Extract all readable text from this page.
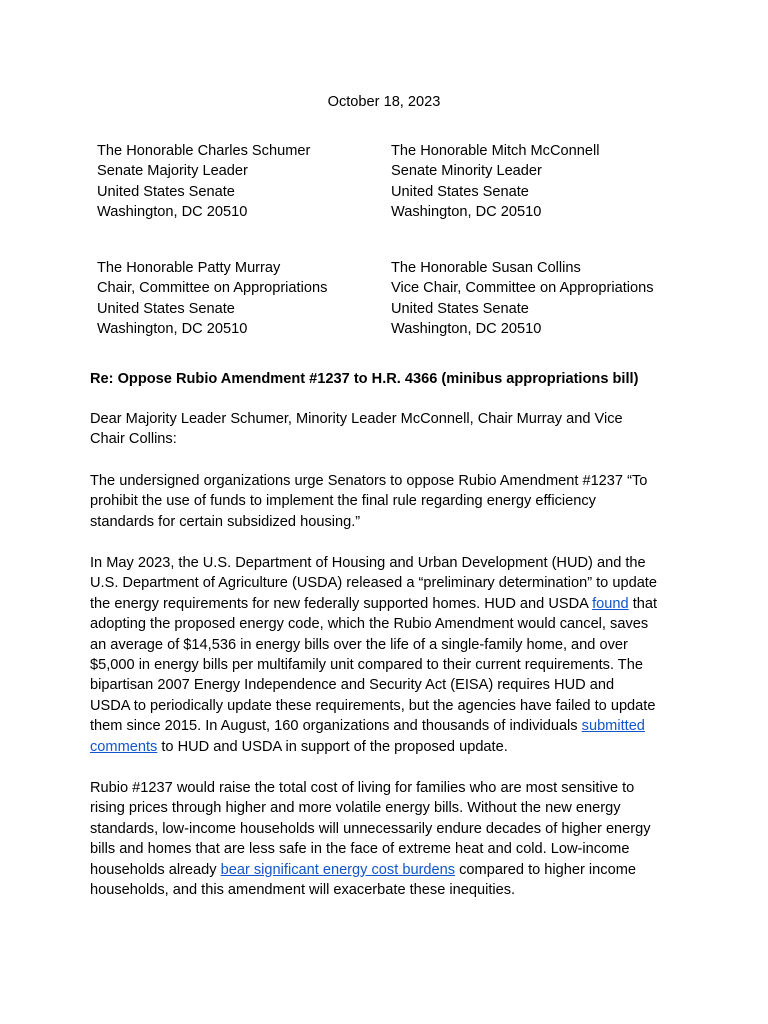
October 18, 2023
The Honorable Charles Schumer
Senate Majority Leader
United States Senate
Washington, DC 20510
The Honorable Mitch McConnell
Senate Minority Leader
United States Senate
Washington, DC 20510
The Honorable Patty Murray
Chair, Committee on Appropriations
United States Senate
Washington, DC 20510
The Honorable Susan Collins
Vice Chair, Committee on Appropriations
United States Senate
Washington, DC 20510
Re: Oppose Rubio Amendment #1237 to H.R. 4366 (minibus appropriations bill)
Dear Majority Leader Schumer, Minority Leader McConnell, Chair Murray and Vice
Chair Collins:
The undersigned organizations urge Senators to oppose Rubio Amendment #1237 “To
prohibit the use of funds to implement the final rule regarding energy efficiency
standards for certain subsidized housing.”
In May 2023, the U.S. Department of Housing and Urban Development (HUD) and the
U.S. Department of Agriculture (USDA) released a “preliminary determination” to update
the energy requirements for new federally supported homes. HUD and USDA found that
adopting the proposed energy code, which the Rubio Amendment would cancel, saves
an average of $14,536 in energy bills over the life of a single-family home, and over
$5,000 in energy bills per multifamily unit compared to their current requirements. The
bipartisan 2007 Energy Independence and Security Act (EISA) requires HUD and
USDA to periodically update these requirements, but the agencies have failed to update
them since 2015. In August, 160 organizations and thousands of individuals submitted
comments to HUD and USDA in support of the proposed update.
Rubio #1237 would raise the total cost of living for families who are most sensitive to
rising prices through higher and more volatile energy bills. Without the new energy
standards, low-income households will unnecessarily endure decades of higher energy
bills and homes that are less safe in the face of extreme heat and cold. Low-income
households already bear significant energy cost burdens compared to higher income
households, and this amendment will exacerbate these inequities.
